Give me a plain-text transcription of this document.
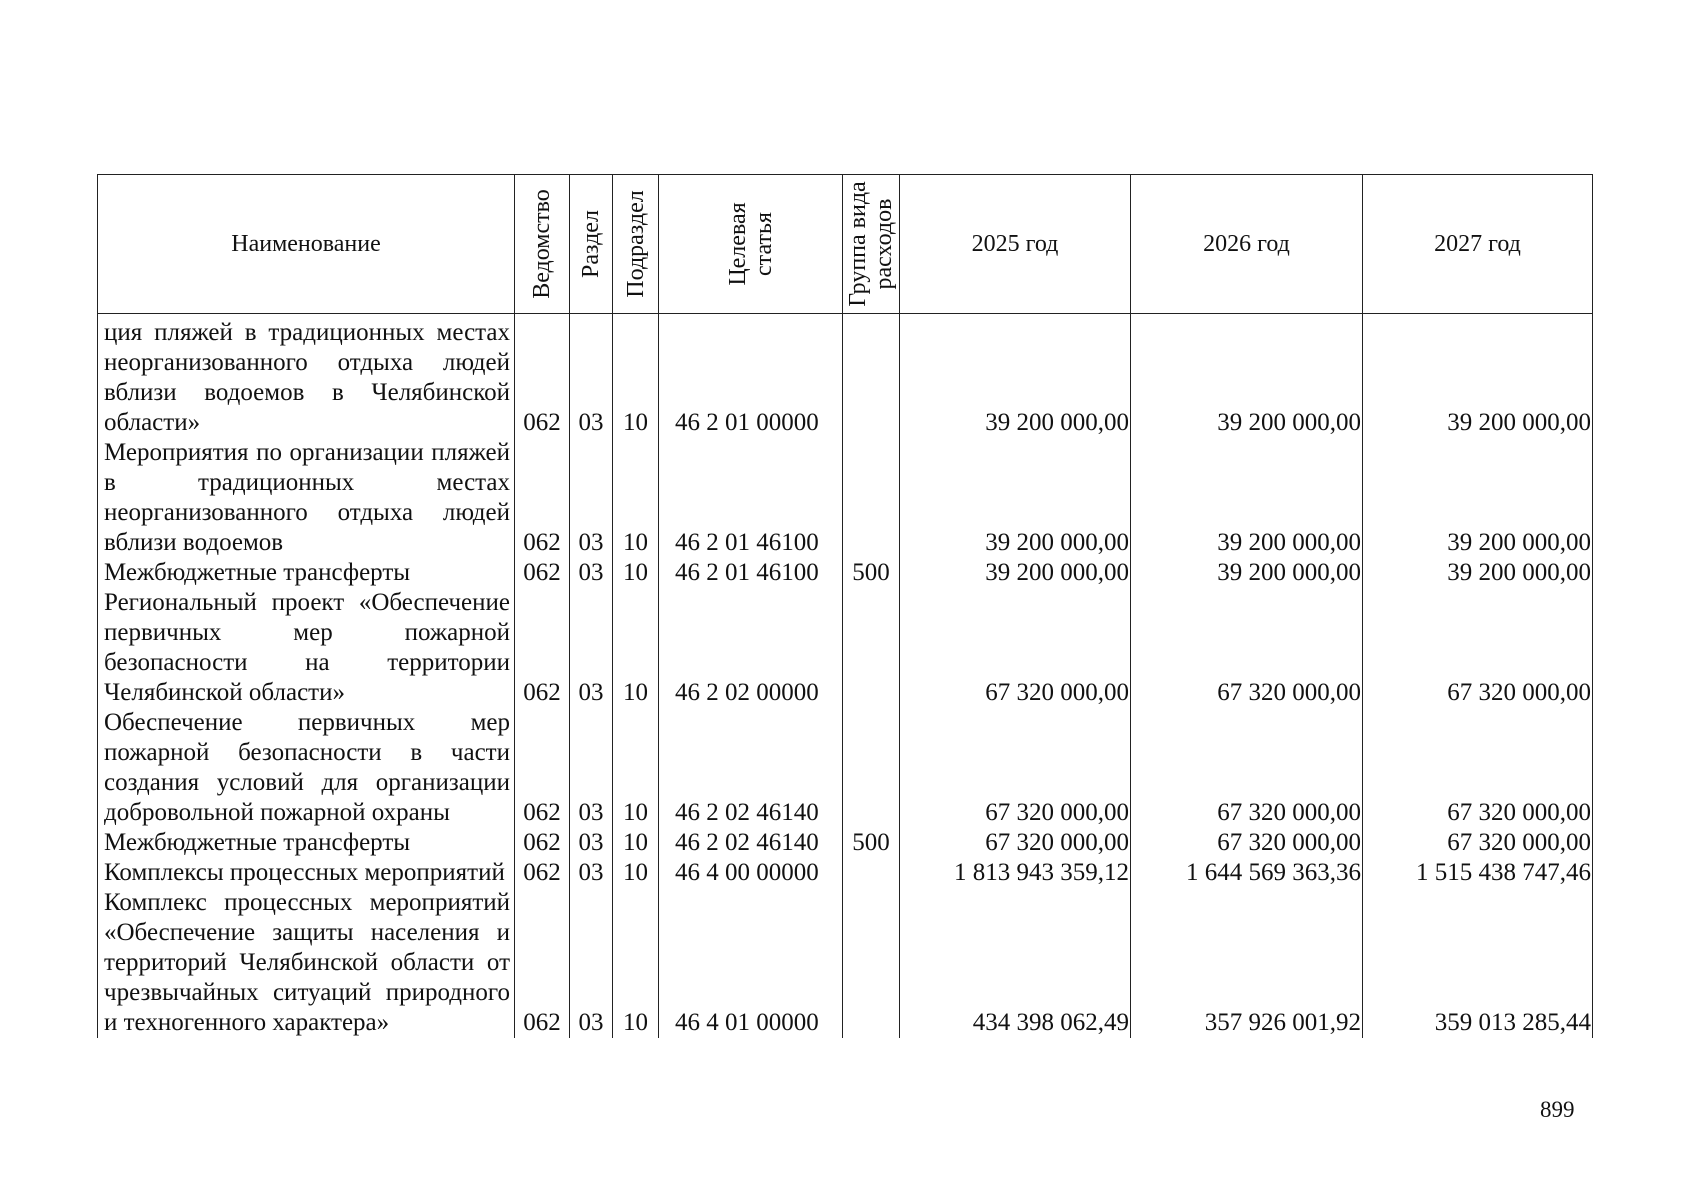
Наименование	Ведомство	Раздел	Подраздел	Целевая статья	Группа вида расходов	2025 год	2026 год	2027 год
ция пляжей в традиционных местах неорганизованного отдыха людей вблизи водоемов в Челябинской области»	062	03	10	46 2 01 00000		39 200 000,00	39 200 000,00	39 200 000,00
Мероприятия по организации пляжей в традиционных местах неорганизованного отдыха людей вблизи водоемов	062	03	10	46 2 01 46100		39 200 000,00	39 200 000,00	39 200 000,00
Межбюджетные трансферты	062	03	10	46 2 01 46100	500	39 200 000,00	39 200 000,00	39 200 000,00
Региональный проект «Обеспечение первичных мер пожарной безопасности на территории Челябинской области»	062	03	10	46 2 02 00000		67 320 000,00	67 320 000,00	67 320 000,00
Обеспечение первичных мер пожарной безопасности в части создания условий для организации добровольной пожарной охраны	062	03	10	46 2 02 46140		67 320 000,00	67 320 000,00	67 320 000,00
Межбюджетные трансферты	062	03	10	46 2 02 46140	500	67 320 000,00	67 320 000,00	67 320 000,00
Комплексы процессных мероприятий	062	03	10	46 4 00 00000		1 813 943 359,12	1 644 569 363,36	1 515 438 747,46
Комплекс процессных мероприятий «Обеспечение защиты населения и территорий Челябинской области от чрезвычайных ситуаций природного и техногенного характера»	062	03	10	46 4 01 00000		434 398 062,49	357 926 001,92	359 013 285,44
899
